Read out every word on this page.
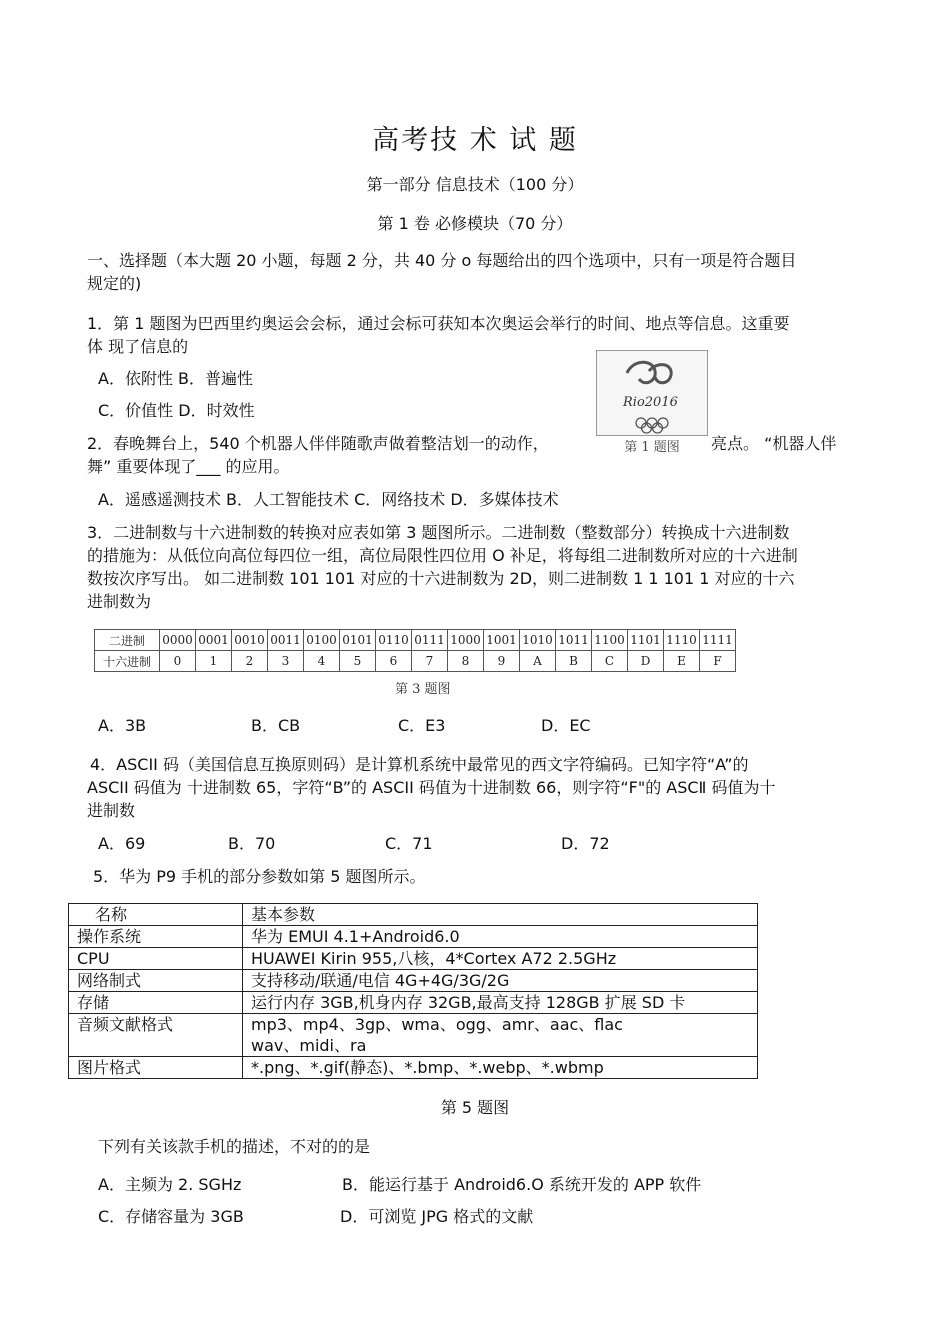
高考技 术 试 题
第一部分 信息技术（100 分）
第 1 卷 必修模块（70 分）
一、选择题（本大题 20 小题，每题 2 分，共 40 分 o 每题给出的四个选项中，只有一项是符合题目
规定的)
1．第 1 题图为巴西里约奥运会会标，通过会标可获知本次奥运会举行的时间、地点等信息。这重要
体 现了信息的
A．依附性 B．普遍性
C．价值性 D．时效性	Rio2016
2．春晚舞台上，540 个机器人伴伴随歌声做着整洁划一的动作，	第 1 题图	亮点。 “机器人伴
舞” 重要体现了___ 的应用。
A．遥感遥测技术 B．人工智能技术 C．网络技术 D．多媒体技术
3．二进制数与十六进制数的转换对应表如第 3 题图所示。二进制数（整数部分）转换成十六进制数
的措施为：从低位向高位每四位一组，高位局限性四位用 O 补足，将每组二进制数所对应的十六进制
数按次序写出。 如二进制数 101 101 对应的十六进制数为 2D，则二进制数 1 1 101 1 对应的十六
进制数为
二进制	0000	0001	0010	0011	0100	0101	0110	0111	1000	1001	1010	1011	1100	1101	1110	1111
十六进制	0	1	2	3	4	5	6	7	8	9	A	B	C	D	E	F
第 3 题图
A．3B	B．CB	C．E3	D．EC
4．ASCII 码（美国信息互换原则码）是计算机系统中最常见的西文字符编码。已知字符“A”的
ASCII 码值为 十进制数 65，字符“B”的 ASCII 码值为十进制数 66，则字符“F"的 ASCⅡ 码值为十
进制数
A．69	B．70	C．71	D．72
5．华为 P9 手机的部分参数如第 5 题图所示。
名称	基本参数
操作系统	华为 EMUI 4.1+Android6.0
CPU	HUAWEI Kirin 955,八核，4*Cortex A72 2.5GHz
网络制式	支持移动/联通/电信 4G+4G/3G/2G
存储	运行内存 3GB,机身内存 32GB,最高支持 128GB 扩展 SD 卡
音频文献格式	mp3、mp4、3gp、wma、ogg、amr、aac、flac
wav、midi、ra

图片格式	*.png、*.gif(静态)、*.bmp、*.webp、*.wbmp
第 5 题图
下列有关该款手机的描述，不对的的是
A．主频为 2. SGHz	B．能运行基于 Android6.O 系统开发的 APP 软件
C．存储容量为 3GB	D．可浏览 JPG 格式的文献
